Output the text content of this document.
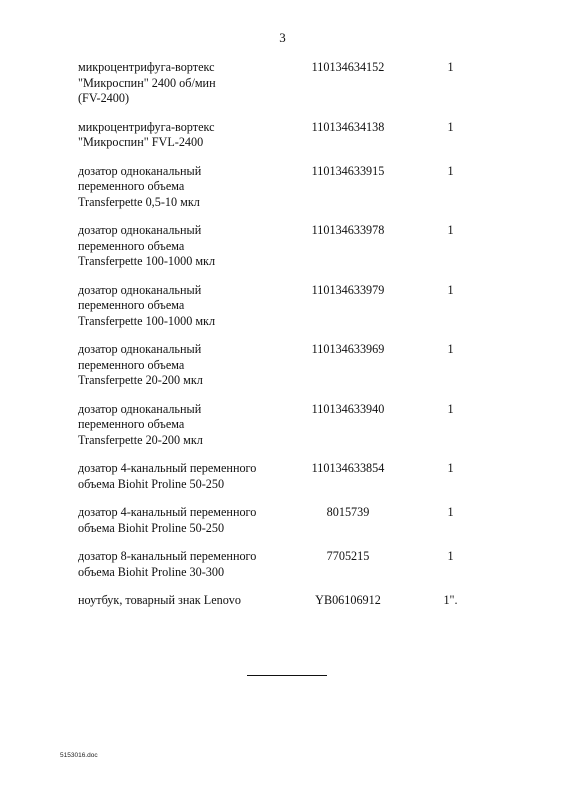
3
микроцентрифуга-вортекс
"Микроспин" 2400 об/мин
(FV-2400)
110134634152	1
микроцентрифуга-вортекс
"Микроспин" FVL-2400
110134634138	1
дозатор одноканальный
переменного объема
Transferpette 0,5-10 мкл
110134633915	1
дозатор одноканальный
переменного объема
Transferpette 100-1000 мкл
110134633978	1
дозатор одноканальный
переменного объема
Transferpette 100-1000 мкл
110134633979	1
дозатор одноканальный
переменного объема
Transferpette 20-200 мкл
110134633969	1
дозатор одноканальный
переменного объема
Transferpette 20-200 мкл
110134633940	1
дозатор 4-канальный переменного
объема Biohit Proline 50-250
110134633854	1
дозатор 4-канальный переменного
объема Biohit Proline 50-250
8015739	1
дозатор 8-канальный переменного
объема Biohit Proline 30-300
7705215	1
ноутбук, товарный знак Lenovo	YB06106912	1".
5153016.doc
